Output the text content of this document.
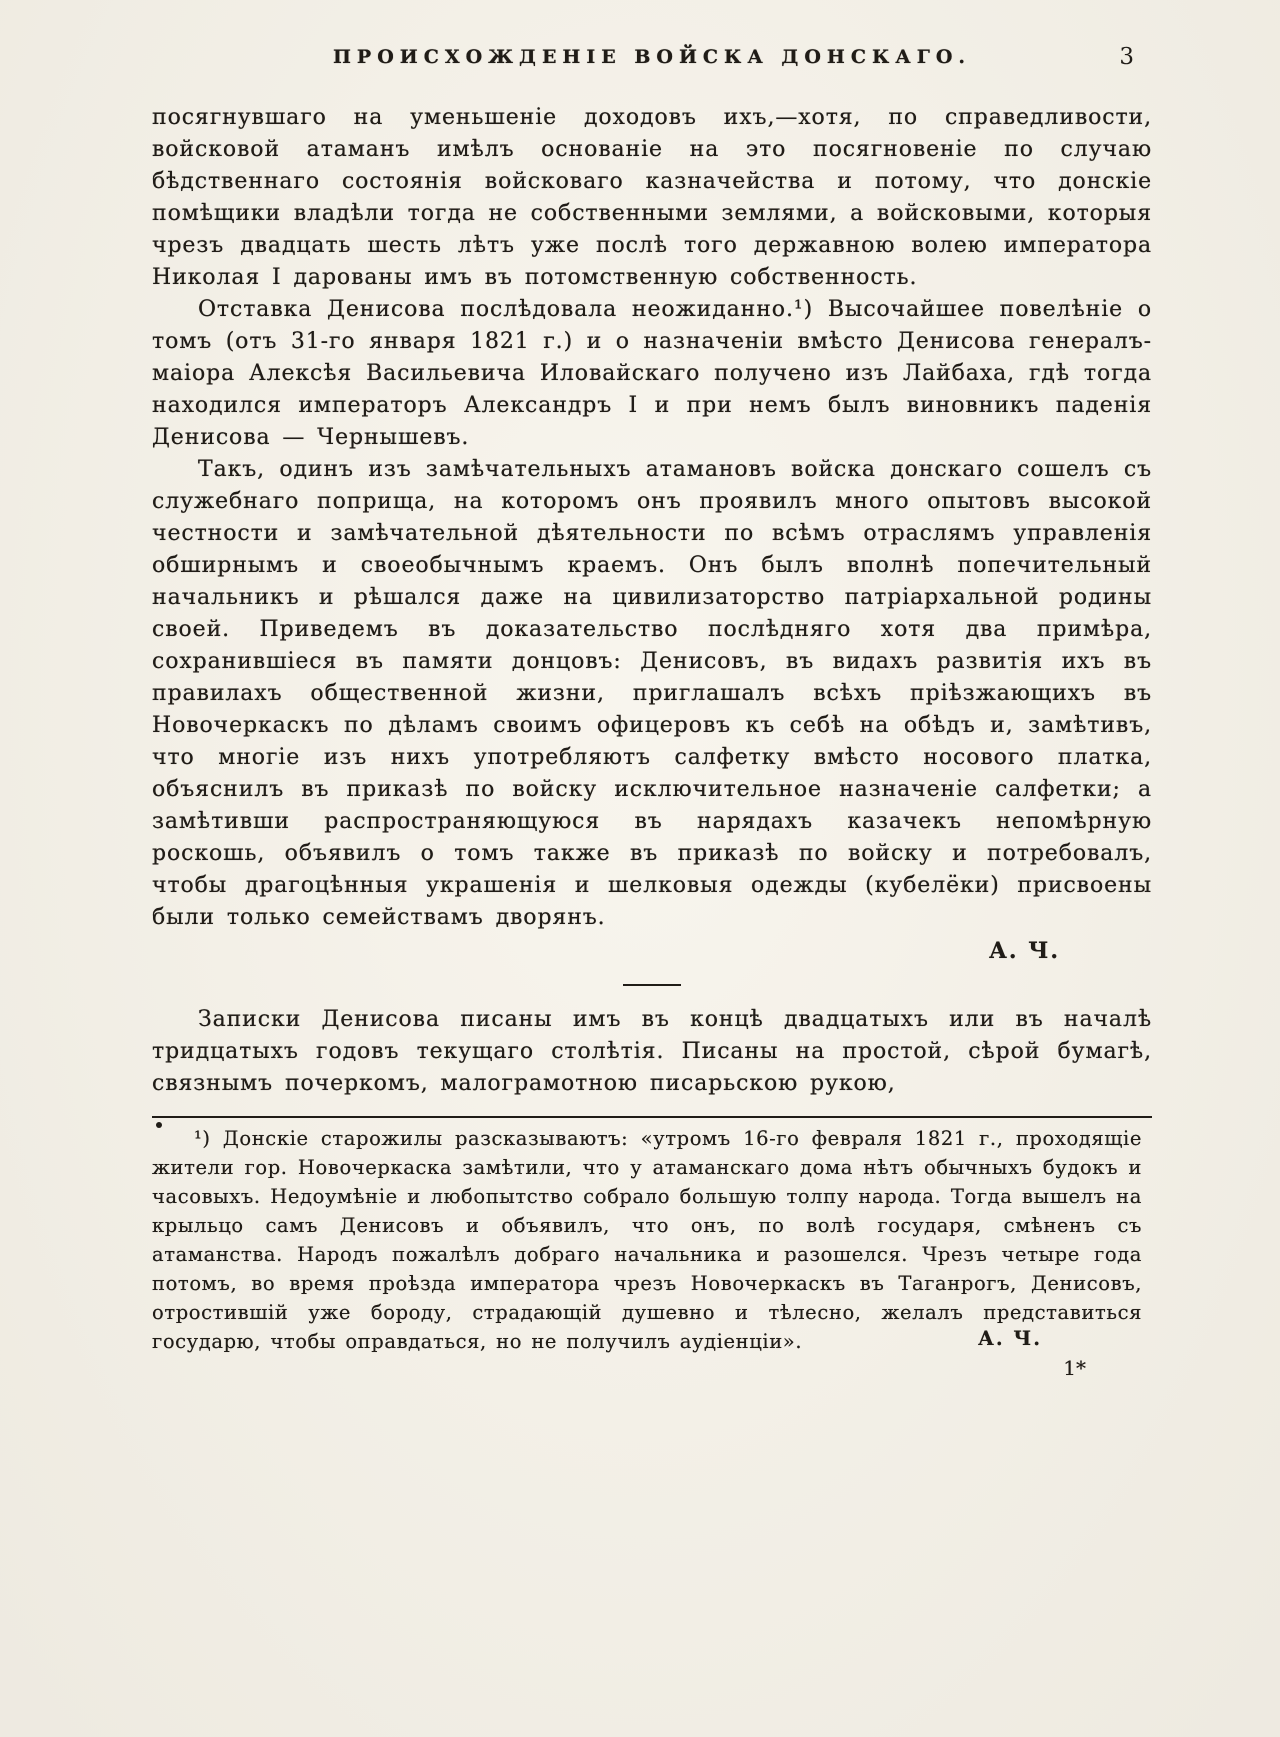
ПРОИСХОЖДЕНІЕ ВОЙСКА ДОНСКАГО.	3

посягнувшаго на уменьшеніе доходовъ ихъ,—хотя, по справедливости, войсковой атаманъ имѣлъ основаніе на это посягновеніе по случаю бѣдственнаго состоянія войсковаго казначейства и потому, что донскіе помѣщики владѣли тогда не собственными землями, а войсковыми, которыя чрезъ двадцать шесть лѣтъ уже послѣ того державною волею императора Николая I дарованы имъ въ потомственную собственность.

Отставка Денисова послѣдовала неожиданно.¹) Высочайшее повелѣніе о томъ (отъ 31-го января 1821 г.) и о назначеніи вмѣсто Денисова генералъ-маіора Алексѣя Васильевича Иловайскаго получено изъ Лайбаха, гдѣ тогда находился императоръ Александръ I и при немъ былъ виновникъ паденія Денисова — Чернышевъ.

Такъ, одинъ изъ замѣчательныхъ атамановъ войска донскаго сошелъ съ служебнаго поприща, на которомъ онъ проявилъ много опытовъ высокой честности и замѣчательной дѣятельности по всѣмъ отраслямъ управленія обширнымъ и своеобычнымъ краемъ. Онъ былъ вполнѣ попечительный начальникъ и рѣшался даже на цивилизаторство патріархальной родины своей. Приведемъ въ доказательство послѣдняго хотя два примѣра, сохранившіеся въ памяти донцовъ: Денисовъ, въ видахъ развитія ихъ въ правилахъ общественной жизни, приглашалъ всѣхъ пріѣзжающихъ въ Новочеркаскъ по дѣламъ своимъ офицеровъ къ себѣ на обѣдъ и, замѣтивъ, что многіе изъ нихъ употребляютъ салфетку вмѣсто носового платка, объяснилъ въ приказѣ по войску исключительное назначеніе салфетки; а замѣтивши распространяющуюся въ нарядахъ казачекъ непомѣрную роскошь, объявилъ о томъ также въ приказѣ по войску и потребовалъ, чтобы драгоцѣнныя украшенія и шелковыя одежды (кубелёки) присвоены были только семействамъ дворянъ.

А. Ч.

Записки Денисова писаны имъ въ концѣ двадцатыхъ или въ началѣ тридцатыхъ годовъ текущаго столѣтія. Писаны на простой, сѣрой бумагѣ, связнымъ почеркомъ, малограмотною писарьскою рукою,

¹) Донскіе старожилы разсказываютъ: «утромъ 16-го февраля 1821 г., проходящіе жители гор. Новочеркаска замѣтили, что у атаманскаго дома нѣтъ обычныхъ будокъ и часовыхъ. Недоумѣніе и любопытство собрало большую толпу народа. Тогда вышелъ на крыльцо самъ Денисовъ и объявилъ, что онъ, по волѣ государя, смѣненъ съ атаманства. Народъ пожалѣлъ добраго начальника и разошелся. Чрезъ четыре года потомъ, во время проѣзда императора чрезъ Новочеркаскъ въ Таганрогъ, Денисовъ, отростившій уже бороду, страдающій душевно и тѣлесно, желалъ представиться государю, чтобы оправдаться, но не получилъ аудіенціи».	А. Ч.
1*
